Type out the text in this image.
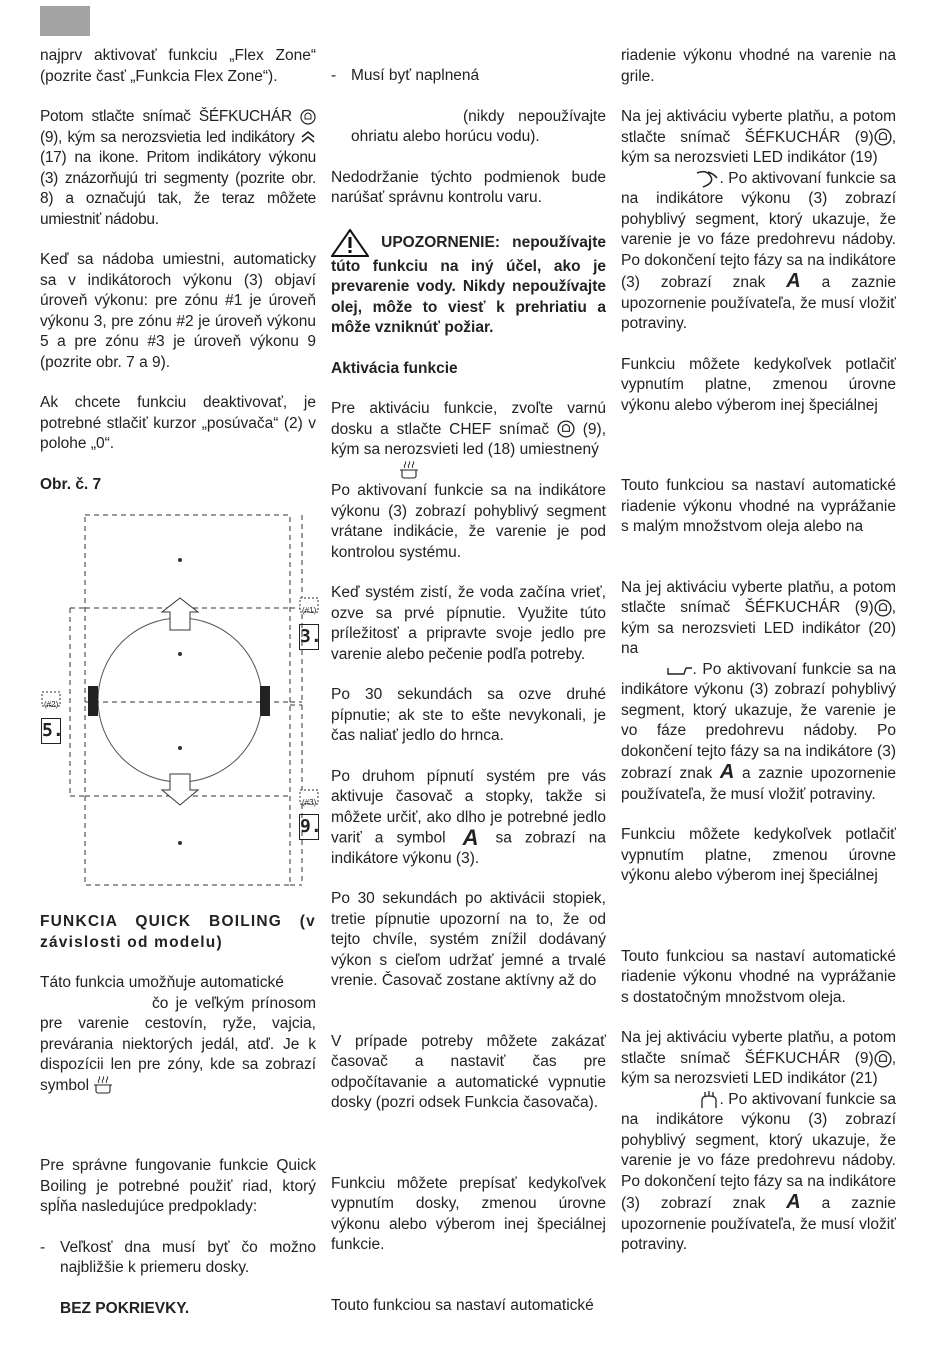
najprv aktivovať funkciu „Flex Zone“ (pozrite časť „Funkcia Flex Zone“).

Potom stlačte snímač ŠÉFKUCHÁR  (9), kým sa nerozsvietia led indikátory  (17) na ikone. Pritom indikátory výkonu (3) znázorňujú tri segmenty (pozrite obr. 8) a označujú tak, že teraz môžete umiestniť nádobu.

Keď sa nádoba umiestni, automaticky sa v indikátoroch výkonu (3) objaví úroveň výkonu: pre zónu #1 je úroveň výkonu 3, pre zónu #2 je úroveň výkonu 5 a pre zónu #3 je úroveň výkonu 9 (pozrite obr. 7 a 9).

Ak chcete funkciu deaktivovať, je potrebné stlačiť kurzor „posúvača“ (2) v polohe „0“.

Obr. č. 7

(#1)
(#2)
(#3)
3.
5.
9.

FUNKCIA QUICK BOILING (v závislosti od modelu)

Táto funkcia umožňuje automatické
čo je veľkým prínosom pre varenie cestovín, ryže, vajcia, prevárania niektorých jedál, atď. Je k dispozícii len pre zóny, kde sa zobrazí symbol

Pre správne fungovanie funkcie Quick Boiling je potrebné použiť riad, ktorý spĺňa nasledujúce predpoklady:

- Veľkosť dna musí byť čo možno najbližšie k priemeru dosky.

BEZ POKRIEVKY.

- Musí byť naplnená

(nikdy nepoužívajte ohriatu alebo horúcu vodu).

Nedodržanie týchto podmienok bude narúšať správnu kontrolu varu.

UPOZORNENIE: nepoužívajte túto funkciu na iný účel, ako je prevarenie vody. Nikdy nepoužívajte olej, môže to viesť k prehriatiu a môže vzniknúť požiar.

Aktivácia funkcie

Pre aktiváciu funkcie, zvoľte varnú dosku a stlačte CHEF snímač (9), kým sa nerozsvieti led (18) umiestnený

Po aktivovaní funkcie sa na indikátore výkonu (3) zobrazí pohyblivý segment vrátane indikácie, že varenie je pod kontrolou systému.

Keď systém zistí, že voda začína vrieť, ozve sa prvé pípnutie. Využite túto príležitosť a pripravte svoje jedlo pre varenie alebo pečenie podľa potreby.

Po 30 sekundách sa ozve druhé pípnutie; ak ste to ešte nevykonali, je čas naliať jedlo do hrnca.

Po druhom pípnutí systém pre vás aktivuje časovač a stopky, takže si môžete určiť, ako dlho je potrebné jedlo variť a symbol A sa zobrazí na indikátore výkonu (3).

Po 30 sekundách po aktivácii stopiek, tretie pípnutie upozorní na to, že od tejto chvíle, systém znížil dodávaný výkon s cieľom udržať jemné a trvalé vrenie. Časovač zostane aktívny až do

V prípade potreby môžete zakázať časovač a nastaviť čas pre odpočítavanie a automatické vypnutie dosky (pozri odsek Funkcia časovača).

Funkciu môžete prepísať kedykoľvek vypnutím dosky, zmenou úrovne výkonu alebo výberom inej špeciálnej funkcie.

Touto funkciou sa nastaví automatické

riadenie výkonu vhodné na varenie na grile.

Na jej aktiváciu vyberte platňu, a potom stlačte snímač ŠÉFKUCHÁR (9) , kým sa nerozsvieti LED indikátor (19)
. Po aktivovaní funkcie sa na indikátore výkonu (3) zobrazí pohyblivý segment, ktorý ukazuje, že varenie je vo fáze predohrevu nádoby. Po dokončení tejto fázy sa na indikátore (3) zobrazí znak A a zaznie upozornenie používateľa, že musí vložiť potraviny.

Funkciu môžete kedykoľvek potlačiť vypnutím platne, zmenou úrovne výkonu alebo výberom inej špeciálnej

Touto funkciou sa nastaví automatické riadenie výkonu vhodné na vyprážanie s malým množstvom oleja alebo na

Na jej aktiváciu vyberte platňu, a potom stlačte snímač ŠÉFKUCHÁR (9) , kým sa nerozsvieti LED indikátor (20) na
. Po aktivovaní funkcie sa na indikátore výkonu (3) zobrazí pohyblivý segment, ktorý ukazuje, že varenie je vo fáze predohrevu nádoby. Po dokončení tejto fázy sa na indikátore (3) zobrazí znak A a zaznie upozornenie používateľa, že musí vložiť potraviny.

Funkciu môžete kedykoľvek potlačiť vypnutím platne, zmenou úrovne výkonu alebo výberom inej špeciálnej

Touto funkciou sa nastaví automatické riadenie výkonu vhodné na vyprážanie s dostatočným množstvom oleja.

Na jej aktiváciu vyberte platňu, a potom stlačte snímač ŠÉFKUCHÁR (9) , kým sa nerozsvieti LED indikátor (21)
. Po aktivovaní funkcie sa na indikátore výkonu (3) zobrazí pohyblivý segment, ktorý ukazuje, že varenie je vo fáze predohrevu nádoby. Po dokončení tejto fázy sa na indikátore (3) zobrazí znak A a zaznie upozornenie používateľa, že musí vložiť potraviny.
